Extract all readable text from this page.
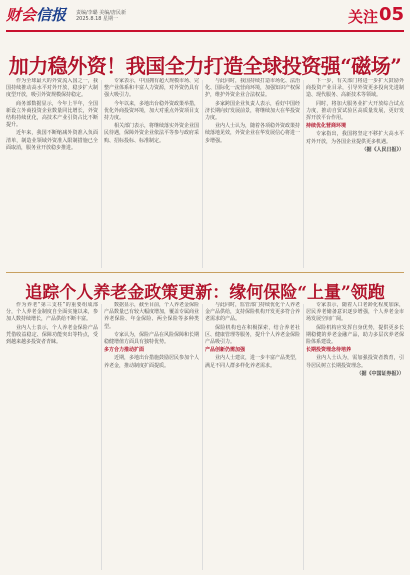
财会信报 责编/李璐 美编/唐民新
2025.8.18 星期一	关注 05
加力稳外资！我国全力打造全球投资强“磁场”

作为全球最大的外资流入国之一，我国持续推动高水平对外开放，稳步扩大制度型开放，吸引外资规模保持稳定。

商务部数据显示，今年上半年，全国新设立外商投资企业数量同比增长，外资结构持续优化，高技术产业引资占比不断提升。

近年来，我国不断缩减外资准入负面清单，制造业领域外资准入限制措施已全面取消，服务业开放稳步推进。

专家表示，中国拥有超大规模市场、完整产业体系和丰富人力资源，对外资仍具有强大吸引力。

今年以来，多地出台稳外资政策举措，优化外商投资环境，加大对重点外资项目支持力度。

相关部门表示，将继续落实外资企业国民待遇，保障外资企业依法平等参与政府采购、招标投标、标准制定。

与此同时，我国持续打造市场化、法治化、国际化一流营商环境，加强知识产权保护，维护外资企业合法权益。

多家跨国企业负责人表示，看好中国经济长期向好发展前景，将继续加大在华投资力度。

业内人士认为，随着各项稳外资政策持续落地见效，外资企业在华发展信心将进一步增强。

下一步，有关部门将进一步扩大鼓励外商投资产业目录，引导外资更多投向先进制造、现代服务、高新技术等领域。

同时，将加大服务业扩大开放综合试点力度，推动自贸试验区高质量发展，更好发挥开放平台作用。

持续优化营商环境

专家指出，我国将坚定不移扩大高水平对外开放，为各国企业提供更多机遇。

（据《人民日报》）

追踪个人养老金政策更新：缘何保险“上量”领跑

作为养老“第三支柱”的重要组成部分，个人养老金制度自全面实施以来，参加人数持续增长，产品供给不断丰富。

业内人士表示，个人养老金保险产品凭借收益稳定、保障功能突出等特点，受到越来越多投资者青睐。

数据显示，截至目前，个人养老金保险产品数量已有较大幅度增加，覆盖专属商业养老保险、年金保险、两全保险等多种类型。

专家认为，保险产品在风险保障和长期稳健增值方面具有独特优势。

多方合力推动扩面

近期，多地出台措施鼓励居民参加个人养老金，推动制度扩面提质。

与此同时，监管部门持续优化个人养老金产品供给，支持保险机构开发更多符合养老需求的产品。

保险机构也在积极探索，结合养老社区、健康管理等服务，提升个人养老金保险产品吸引力。

产品创新仍需加强

业内人士建议，进一步丰富产品类型，满足不同人群多样化养老需求。

专家表示，随着人口老龄化程度加深，居民养老储备意识逐步增强，个人养老金市场发展空间广阔。

保险机构应发挥自身优势，提供更多长期稳健的养老金融产品，助力多层次养老保险体系建设。

长期投资理念待培养

业内人士认为，需加强投资者教育，引导居民树立长期投资理念。

（据《中国证券报》）
